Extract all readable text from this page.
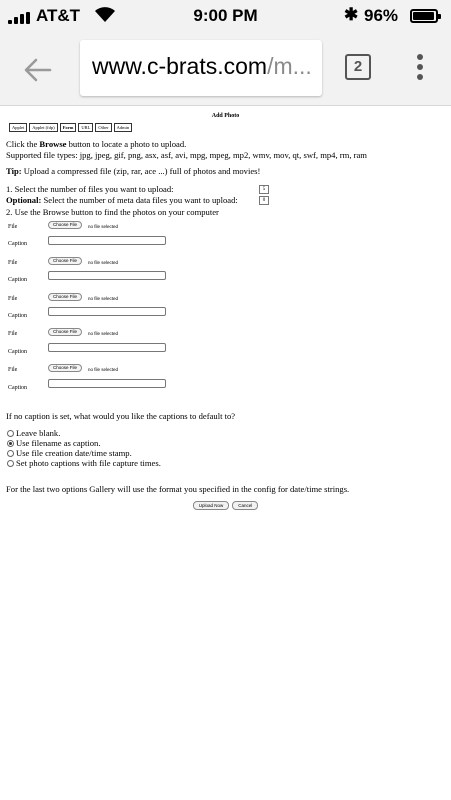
AT&T	9:00 PM	✱ 96%
www.c-brats.com/m...	2
Add Photo
Applet	Applet (fdp)	Form	URL	Other	Admin
Click the Browse button to locate a photo to upload.
Supported file types: jpg, jpeg, gif, png, asx, asf, avi, mpg, mpeg, mp2, wmv, mov, qt, swf, mp4, rm, ram
Tip: Upload a compressed file (zip, rar, ace ...) full of photos and movies!
1. Select the number of files you want to upload:	5
Optional: Select the number of meta data files you want to upload:	0
2. Use the Browse button to find the photos on your computer
File	Choose File	no file selected
Caption
File	Choose File	no file selected
Caption
File	Choose File	no file selected
Caption
File	Choose File	no file selected
Caption
File	Choose File	no file selected
Caption
If no caption is set, what would you like the captions to default to?
Leave blank.
Use filename as caption.
Use file creation date/time stamp.
Set photo captions with file capture times.
For the last two options Gallery will use the format you specified in the config for date/time strings.
Upload Now	Cancel
